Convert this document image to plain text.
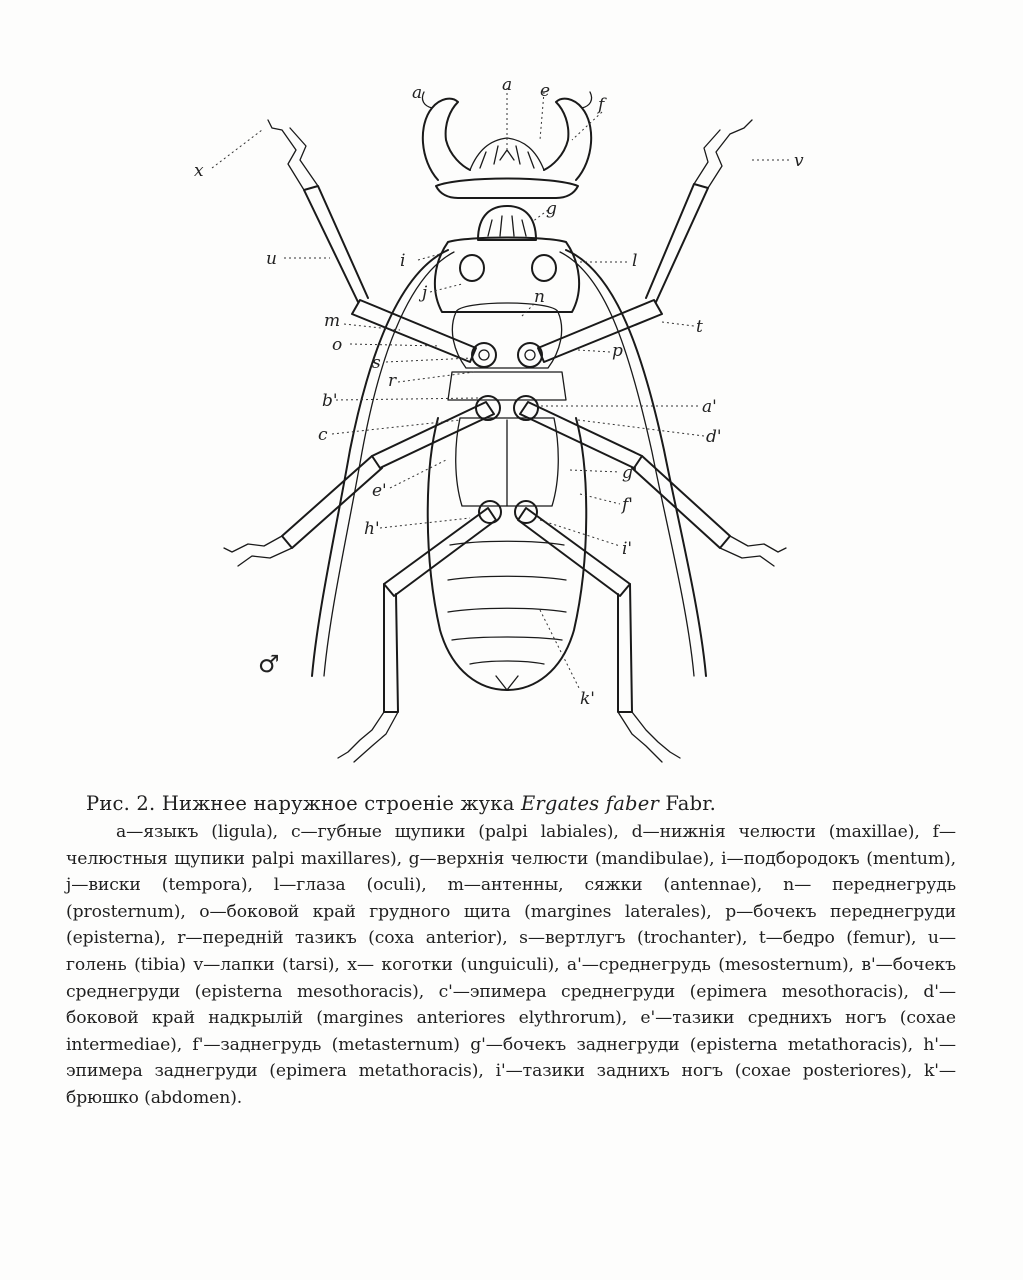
a	a e
f
g
x	v
u	i	l
j	n
m	t
o	p
s
r
b'	a'
c	d'
e'
g'
f'
h'
i'
k'
♂
Рис. 2. Нижнее наружное строеніе жука Ergates faber Fabr.

a—языкъ (ligula), c—губные щупики (palpi labiales), d—нижнія челюсти (maxillae), f—челюстныя щупики palpi maxillares), g—верхнія челюсти (mandibulae), i—подбородокъ (mentum), j—виски (tempora), l—глаза (oculi), m—антенны, сяжки (antennae), n— переднегрудь (prosternum), o—боковой край грудного щита (margines laterales), p—бочекъ переднегруди (episterna), r—передній тазикъ (coxa anterior), s—вертлугъ (trochanter), t—бедро (femur), u—голень (tibia) v—лапки (tarsi), x— коготки (unguiculi), a'—среднегрудь (mesosternum), в'—бочекъ среднегруди (episterna mesothoracis), c'—эпимера среднегруди (epimera mesothoracis), d'—боковой край надкрылій (margines anteriores elythrorum), e'—тазики среднихъ ногъ (coxae intermediae), f'—заднегрудь (metasternum) g'—бочекъ заднегруди (episterna metathoracis), h'—эпимера заднегруди (epimera metathoracis), i'—тазики заднихъ ногъ (coxae posteriores), k'—брюшко (abdomen).
